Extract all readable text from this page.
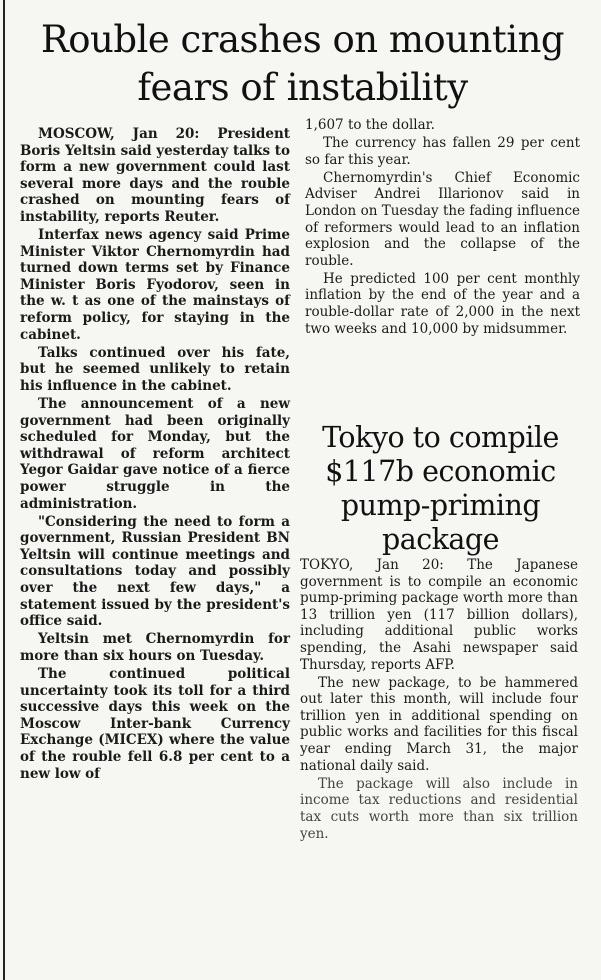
Rouble crashes on mounting fears of instability

MOSCOW, Jan 20: President Boris Yeltsin said yesterday talks to form a new government could last several more days and the rouble crashed on mounting fears of instability, reports Reuter.

Interfax news agency said Prime Minister Viktor Chernomyrdin had turned down terms set by Finance Minister Boris Fyodorov, seen in the w. t as one of the mainstays of reform policy, for staying in the cabinet.

Talks continued over his fate, but he seemed unlikely to retain his influence in the cabinet.

The announcement of a new government had been originally scheduled for Monday, but the withdrawal of reform architect Yegor Gaidar gave notice of a fierce power struggle in the administration.

"Considering the need to form a government, Russian President BN Yeltsin will continue meetings and consultations today and possibly over the next few days," a statement issued by the president's office said.

Yeltsin met Chernomyrdin for more than six hours on Tuesday.

The continued political uncertainty took its toll for a third successive days this week on the Moscow Inter-bank Currency Exchange (MICEX) where the value of the rouble fell 6.8 per cent to a new low of

1,607 to the dollar.

The currency has fallen 29 per cent so far this year.

Chernomyrdin's Chief Economic Adviser Andrei Illarionov said in London on Tuesday the fading influence of reformers would lead to an inflation explosion and the collapse of the rouble.

He predicted 100 per cent monthly inflation by the end of the year and a rouble-dollar rate of 2,000 in the next two weeks and 10,000 by midsummer.

Tokyo to compile $117b economic pump-priming package

TOKYO, Jan 20: The Japanese government is to compile an economic pump-priming package worth more than 13 trillion yen (117 billion dollars), including additional public works spending, the Asahi newspaper said Thursday, reports AFP.

The new package, to be hammered out later this month, will include four trillion yen in additional spending on public works and facilities for this fiscal year ending March 31, the major national daily said.

The package will also include in income tax reductions and residential tax cuts worth more than six trillion yen.
